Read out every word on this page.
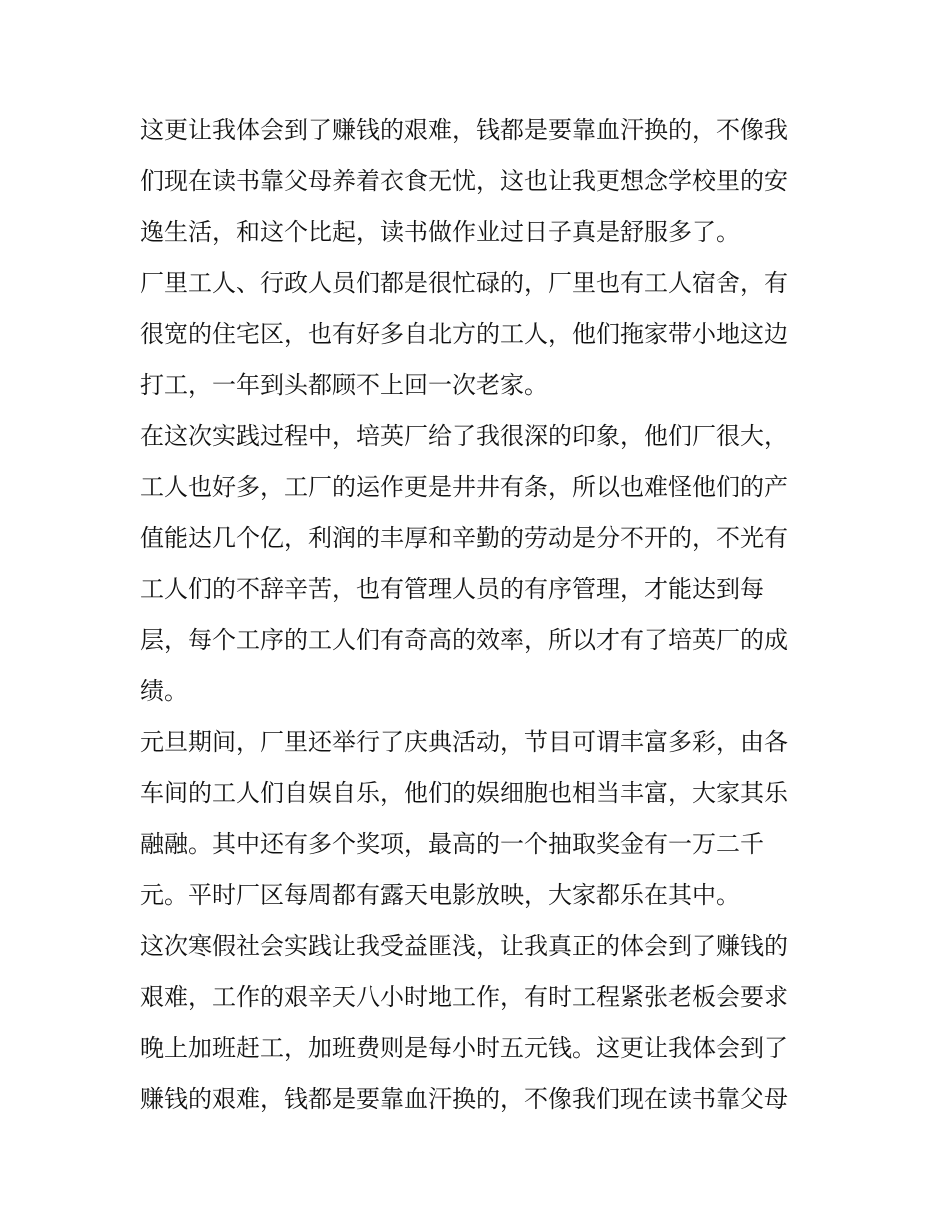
这更让我体会到了赚钱的艰难，钱都是要靠血汗换的，不像我
们现在读书靠父母养着衣食无忧，这也让我更想念学校里的安
逸生活，和这个比起，读书做作业过日子真是舒服多了。

厂里工人、行政人员们都是很忙碌的，厂里也有工人宿舍，有
很宽的住宅区，也有好多自北方的工人，他们拖家带小地这边
打工，一年到头都顾不上回一次老家。

在这次实践过程中，培英厂给了我很深的印象，他们厂很大，
工人也好多，工厂的运作更是井井有条，所以也难怪他们的产
值能达几个亿，利润的丰厚和辛勤的劳动是分不开的，不光有
工人们的不辞辛苦，也有管理人员的有序管理，才能达到每
层，每个工序的工人们有奇高的效率，所以才有了培英厂的成
绩。

元旦期间，厂里还举行了庆典活动，节目可谓丰富多彩，由各
车间的工人们自娱自乐，他们的娱细胞也相当丰富，大家其乐
融融。其中还有多个奖项，最高的一个抽取奖金有一万二千
元。平时厂区每周都有露天电影放映，大家都乐在其中。

这次寒假社会实践让我受益匪浅，让我真正的体会到了赚钱的
艰难，工作的艰辛天八小时地工作，有时工程紧张老板会要求
晚上加班赶工，加班费则是每小时五元钱。这更让我体会到了
赚钱的艰难，钱都是要靠血汗换的，不像我们现在读书靠父母
